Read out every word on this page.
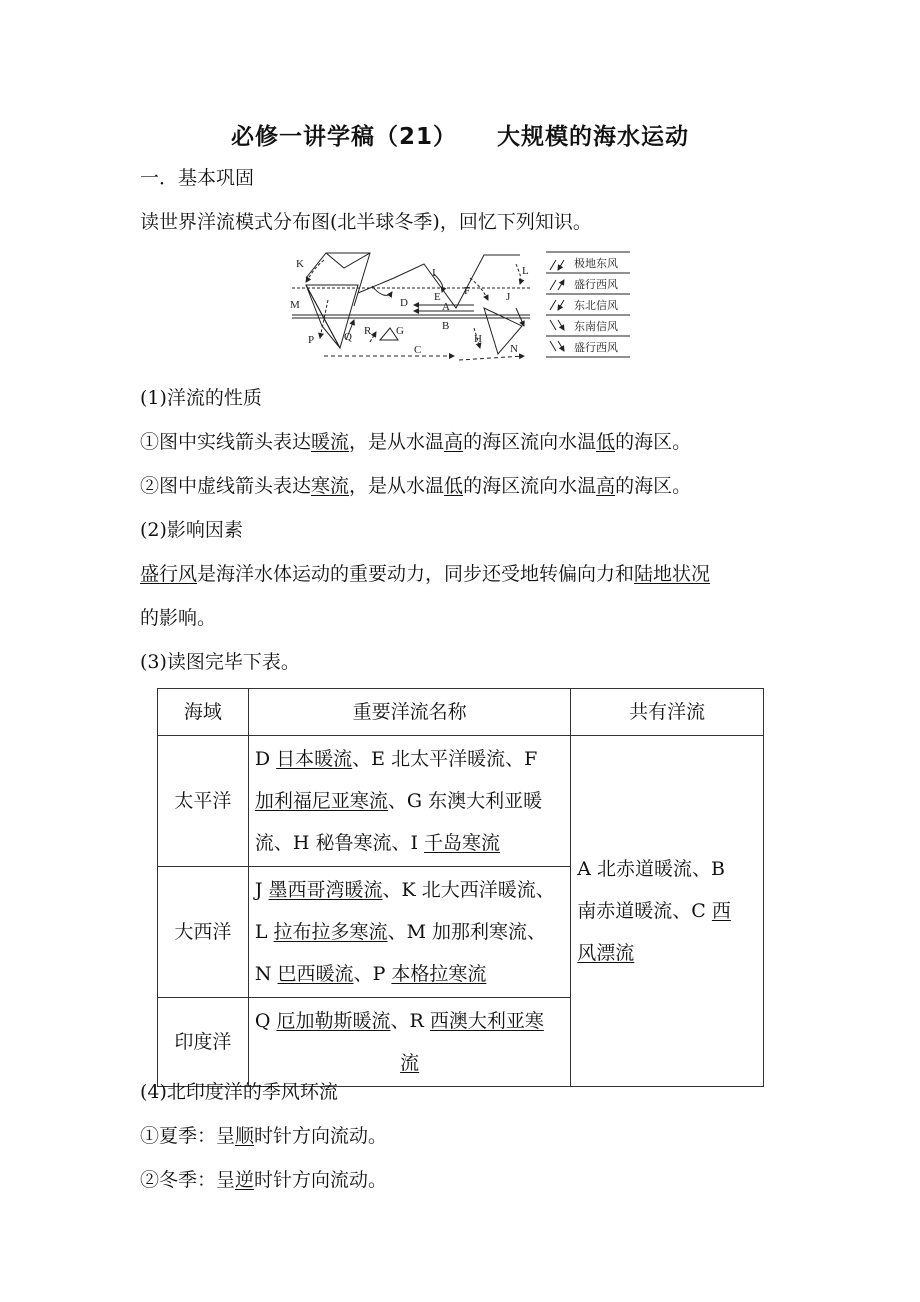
必修一讲学稿（21） 大规模的海水运动
一．基本巩固
读世界洋流模式分布图(北半球冬季)，回忆下列知识。
K
I	L
M	D
F
E	J
A
B
R G
P	Q	H
N
C
极地东风
盛行西风
东北信风
东南信风
盛行西风
(1)洋流的性质
①图中实线箭头表达暖流，是从水温高的海区流向水温低的海区。
②图中虚线箭头表达寒流，是从水温低的海区流向水温高的海区。
(2)影响因素
盛行风是海洋水体运动的重要动力，同步还受地转偏向力和陆地状况
的影响。
(3)读图完毕下表。
海域	重要洋流名称	共有洋流
太平洋	D 日本暖流、E 北太平洋暖流、F
加利福尼亚寒流、G 东澳大利亚暖
流、H 秘鲁寒流、I 千岛寒流	A 北赤道暖流、B
南赤道暖流、C 西
风漂流
大西洋	J 墨西哥湾暖流、K 北大西洋暖流、
L 拉布拉多寒流、M 加那利寒流、
N 巴西暖流、P 本格拉寒流	
印度洋	Q 厄加勒斯暖流、R 西澳大利亚寒

流	
(4)北印度洋的季风环流
①夏季：呈顺时针方向流动。
②冬季：呈逆时针方向流动。
